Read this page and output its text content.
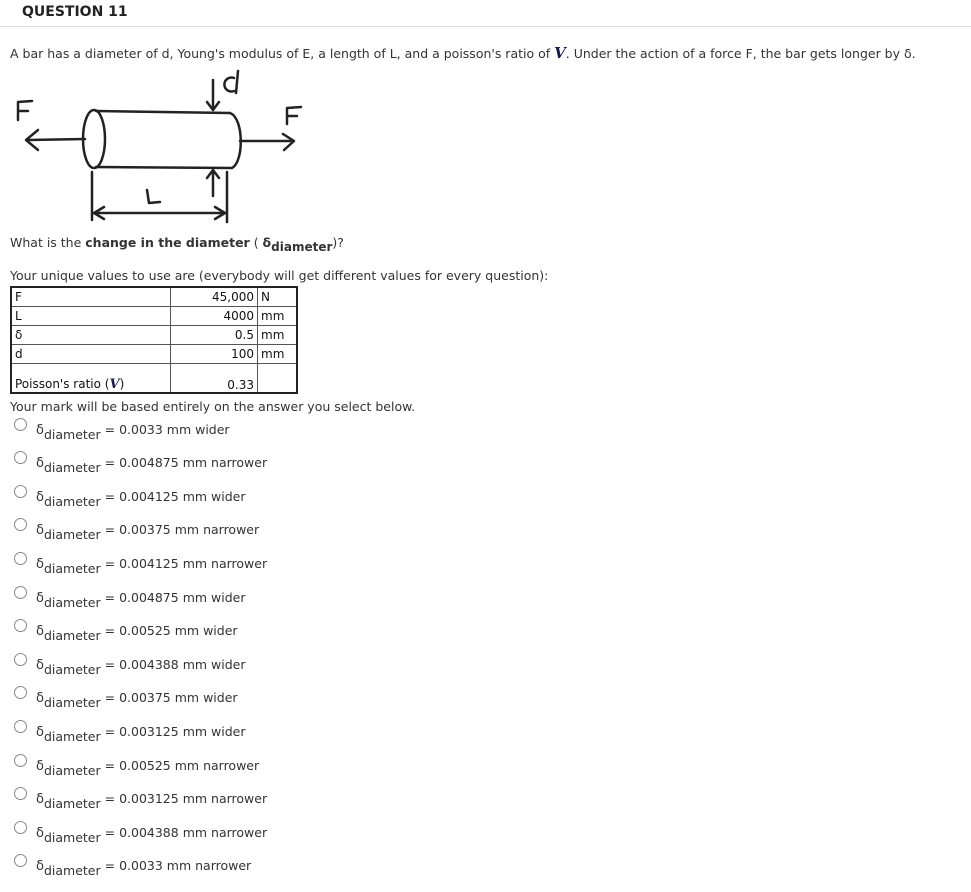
QUESTION 11
A bar has a diameter of d, Young's modulus of E, a length of L, and a poisson's ratio of V. Under the action of a force F, the bar gets longer by δ.
What is the change in the diameter ( $\delta_{diameter}$)?
Your unique values to use are (everybody will get different values for every question):
F	45,000	N
L	4000	mm
δ	0.5	mm
d	100	mm
Poisson's ratio (V)	0.33	
Your mark will be based entirely on the answer you select below.
$\delta_{diameter} = 0.0033$ mm wider
$\delta_{diameter} = 0.004875$ mm narrower
$\delta_{diameter} = 0.004125$ mm wider
$\delta_{diameter} = 0.00375$ mm narrower
$\delta_{diameter} = 0.004125$ mm narrower
$\delta_{diameter} = 0.004875$ mm wider
$\delta_{diameter} = 0.00525$ mm wider
$\delta_{diameter} = 0.004388$ mm wider
$\delta_{diameter} = 0.00375$ mm wider
$\delta_{diameter} = 0.003125$ mm wider
$\delta_{diameter} = 0.00525$ mm narrower
$\delta_{diameter} = 0.003125$ mm narrower
$\delta_{diameter} = 0.004388$ mm narrower
$\delta_{diameter} = 0.0033$ mm narrower
